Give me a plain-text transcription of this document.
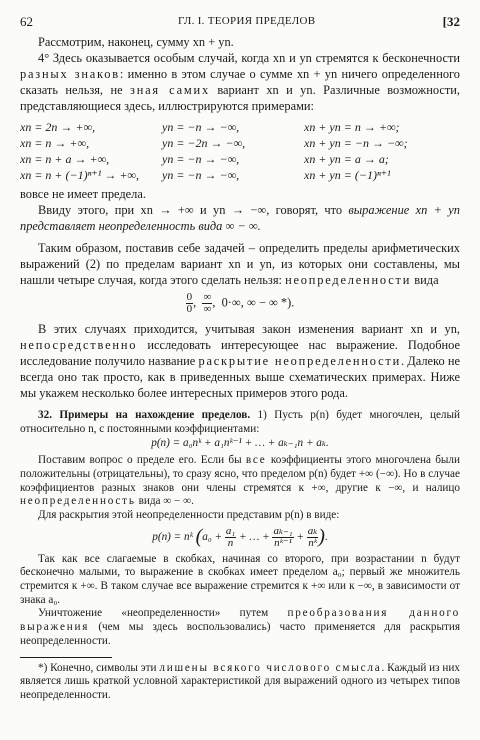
62	ГЛ. I. ТЕОРИЯ ПРЕДЕЛОВ	[32

Рассмотрим, наконец, сумму xn + yn.

4° Здесь оказывается особым случай, когда xn и yn стремятся к бесконечности разных знаков: именно в этом случае о сумме xn + yn ничего определенного сказать нельзя, не зная самих вариант xn и yn. Различные возможности, представляющиеся здесь, иллюстрируются примерами:

xn = 2n → +∞,	yn = −n → −∞,	xn + yn = n → +∞;
xn = n → +∞,	yn = −2n → −∞,	xn + yn = −n → −∞;
xn = n + a → +∞,	yn = −n → −∞,	xn + yn = a → a;
xn = n + (−1)ⁿ⁺¹ → +∞,	yn = −n → −∞,	xn + yn = (−1)ⁿ⁺¹

вовсе не имеет предела.

Ввиду этого, при xn → +∞ и yn → −∞, говорят, что выражение xn + yn представляет неопределенность вида ∞ − ∞.

Таким образом, поставив себе задачей – определить пределы арифметических выражений (2) по пределам вариант xn и yn, из которых они составлены, мы нашли четыре случая, когда этого сделать нельзя: неопределенности вида

$\frac{0}{0}$ , $\frac{\infty}{\infty}$ ,  0·∞, ∞ − ∞ *).

В этих случаях приходится, учитывая закон изменения вариант xn и yn, непосредственно исследовать интересующее нас выражение. Подобное исследование получило название раскрытие неопределенности. Далеко не всегда оно так просто, как в приведенных выше схематических примерах. Ниже мы укажем несколько более интересных примеров этого рода.

32. Примеры на нахождение пределов. 1) Пусть p(n) будет многочлен, целый относительно n, с постоянными коэффициентами:

p(n) = a₀nᵏ + a₁nᵏ⁻¹ + … + aₖ₋₁n + aₖ.

Поставим вопрос о пределе его. Если бы все коэффициенты этого многочлена были положительны (отрицательны), то сразу ясно, что пределом p(n) будет +∞ (−∞). Но в случае коэффициентов разных знаков они члены стремятся к +∞, другие к −∞, и налицо неопределенность вида ∞ − ∞.

Для раскрытия этой неопределенности представим p(n) в виде:

p(n) = nᵏ ($a_0 + \frac{\text{a₁}}{n}$ + … + $\frac{\text{aₖ₋₁}}{\text{nᵏ⁻¹}} + \frac{\text{aₖ}}{\text{nᵏ}}$ ).

Так как все слагаемые в скобках, начиная со второго, при возрастании n будут бесконечно малыми, то выражение в скобках имеет пределом a₀; первый же множитель стремится к +∞. В таком случае все выражение стремится к +∞ или к −∞, в зависимости от знака a₀.

Уничтожение «неопределенности» путем преобразования данного выражения (чем мы здесь воспользовались) часто применяется для раскрытия неопределенности.

*) Конечно, символы эти лишены всякого числового смысла. Каждый из них является лишь краткой условной характеристикой для выражений одного из четырех типов неопределенности.
